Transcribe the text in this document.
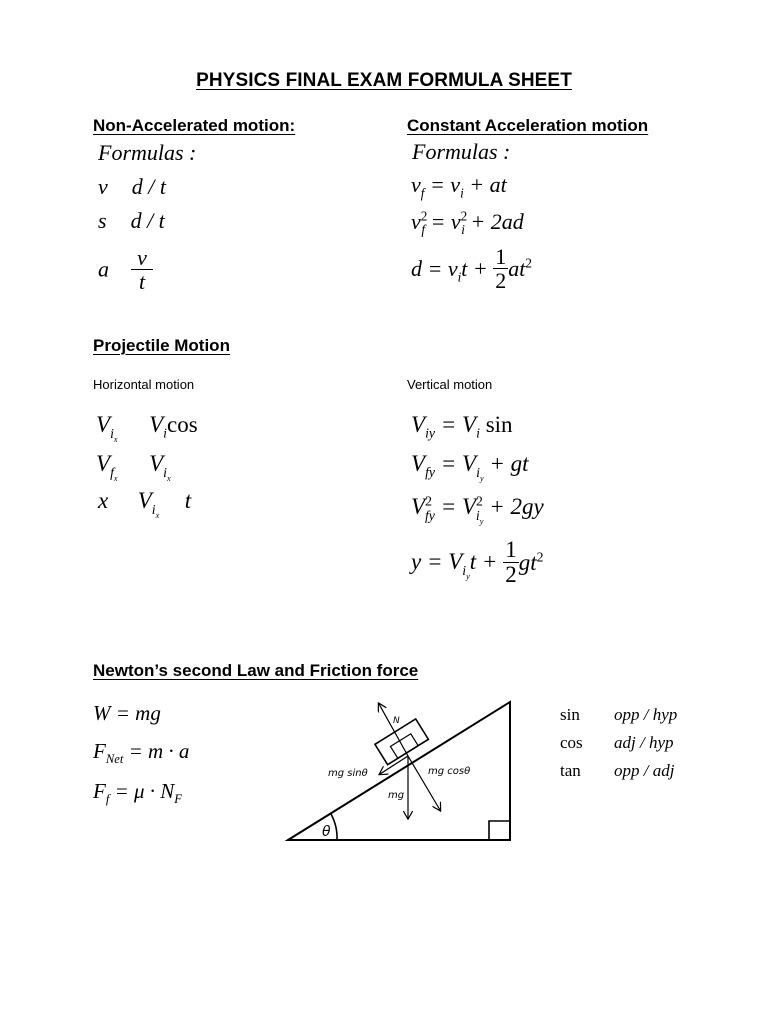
PHYSICS FINAL EXAM FORMULA SHEET
Non-Accelerated motion:
Formulas :
v d / t
s d / t
a $\frac{v}{t}$
Constant Acceleration motion
Formulas :
$v_f = v_i$ + at
$v^2_f = v^2_i + 2ad$
$d = v_it + \frac{1}{2} at^2$
Projectile Motion
Horizontal motion	Vertical motion
$V_{i_x}$  $V_i\cos$
$V_{f_x}$  $V_{i_x}$
x $V_{i_x}$  t
$V_{iy} = V_i$ sin
$V_{fy} = V_{i_y}$ + gt
$V^2_{fy} = V^2_{i_y} + 2gy$
$y = V_{i_y}t + \frac{1}{2} gt^2$
Newton’s second Law and Friction force
W = mg
$F_{Net} = m \cdot a$
$F_f = \mu \cdot N_F$
θ
N
mg cosθ
mg sinθ
mg
sin opp / hyp
cos adj / hyp
tan opp / adj
